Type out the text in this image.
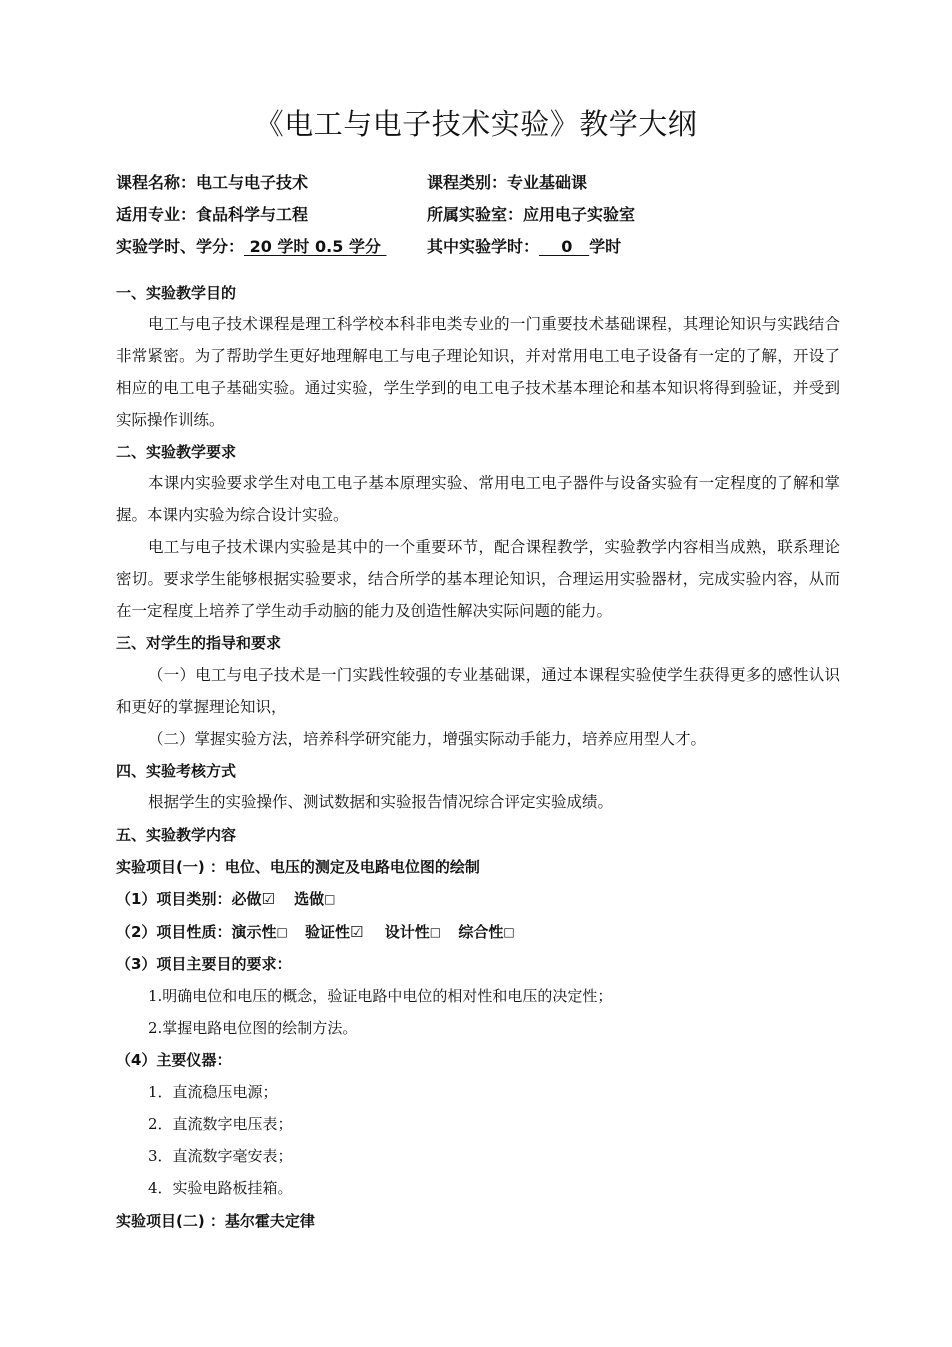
《电工与电子技术实验》教学大纲
课程名称：电工与电子技术	课程类别：专业基础课
适用专业：食品科学与工程	所属实验室：应用电子实验室
实验学时、学分： 20 学时 0.5 学分	其中实验学时：    0   学时
一、实验教学目的
电工与电子技术课程是理工科学校本科非电类专业的一门重要技术基础课程，其理论知识与实践结合非常紧密。为了帮助学生更好地理解电工与电子理论知识，并对常用电工电子设备有一定的了解，开设了相应的电工电子基础实验。通过实验，学生学到的电工电子技术基本理论和基本知识将得到验证，并受到实际操作训练。
二、实验教学要求
本课内实验要求学生对电工电子基本原理实验、常用电工电子器件与设备实验有一定程度的了解和掌握。本课内实验为综合设计实验。
电工与电子技术课内实验是其中的一个重要环节，配合课程教学，实验教学内容相当成熟，联系理论密切。要求学生能够根据实验要求，结合所学的基本理论知识，合理运用实验器材，完成实验内容，从而在一定程度上培养了学生动手动脑的能力及创造性解决实际问题的能力。
三、对学生的指导和要求
（一）电工与电子技术是一门实践性较强的专业基础课，通过本课程实验使学生获得更多的感性认识和更好的掌握理论知识，
（二）掌握实验方法，培养科学研究能力，增强实际动手能力，培养应用型人才。
四、实验考核方式
根据学生的实验操作、测试数据和实验报告情况综合评定实验成绩。
五、实验教学内容
实验项目(一) ：电位、电压的测定及电路电位图的绘制
（1）项目类别：必做☑ 选做□
（2）项目性质：演示性□ 验证性☑ 设计性□ 综合性□
（3）项目主要目的要求：
1.明确电位和电压的概念，验证电路中电位的相对性和电压的决定性；
2.掌握电路电位图的绘制方法。
（4）主要仪器：
1．直流稳压电源；
2．直流数字电压表；
3．直流数字毫安表；
4．实验电路板挂箱。
实验项目(二) ：基尔霍夫定律
